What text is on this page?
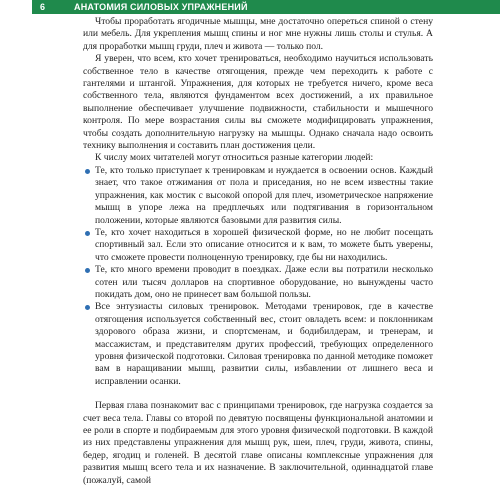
6	АНАТОМИЯ СИЛОВЫХ УПРАЖНЕНИЙ

Чтобы проработать ягодичные мышцы, мне достаточно опереться спиной о стену или мебель. Для укрепления мышц спины и ног мне нужны лишь столы и стулья. А для проработки мышц груди, плеч и живота — только пол.

Я уверен, что всем, кто хочет тренироваться, необходимо научиться использовать собственное тело в качестве отягощения, прежде чем переходить к работе с гантелями и штангой. Упражнения, для которых не требуется ничего, кроме веса собственного тела, являются фундаментом всех достижений, а их правильное выполнение обеспечивает улучшение подвижности, стабильности и мышечного контроля. По мере возрастания силы вы сможете модифицировать упражнения, чтобы создать дополнительную нагрузку на мышцы. Однако сначала надо освоить технику выполнения и составить план достижения цели.

К числу моих читателей могут относиться разные категории людей:

Те, кто только приступает к тренировкам и нуждается в освоении основ. Каждый знает, что такое отжимания от пола и приседания, но не всем известны такие упражнения, как мостик с высокой опорой для плеч, изометрическое напряжение мышц в упоре лежа на предплечьях или подтягивания в горизонтальном положении, которые являются базовыми для развития силы.
Те, кто хочет находиться в хорошей физической форме, но не любит посещать спортивный зал. Если это описание относится и к вам, то можете быть уверены, что сможете провести полноценную тренировку, где бы ни находились.
Те, кто много времени проводит в поездках. Даже если вы потратили несколько сотен или тысяч долларов на спортивное оборудование, но вынуждены часто покидать дом, оно не принесет вам большой пользы.
Все энтузиасты силовых тренировок. Методами тренировок, где в качестве отягощения используется собственный вес, стоит овладеть всем: и поклонникам здорового образа жизни, и спортсменам, и бодибилдерам, и тренерам, и массажистам, и представителям других профессий, требующих определенного уровня физической подготовки. Силовая тренировка по данной методике поможет вам в наращивании мышц, развитии силы, избавлении от лишнего веса и исправлении осанки.

Первая глава познакомит вас с принципами тренировок, где нагрузка создается за счет веса тела. Главы со второй по девятую посвящены функциональной анатомии и ее роли в спорте и подбираемым для этого уровня физической подготовки. В каждой из них представлены упражнения для мышц рук, шеи, плеч, груди, живота, спины, бедер, ягодиц и голеней. В десятой главе описаны комплексные упражнения для развития мышц всего тела и их назначение. В заключительной, одиннадцатой главе (пожалуй, самой
